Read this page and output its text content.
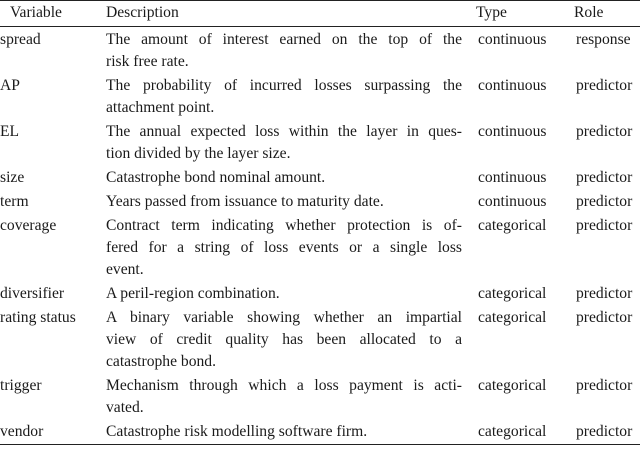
Variable	Description	Type	Role
spread	The amount of interest earned on the top of the
risk free rate.	continuous	response
AP	The probability of incurred losses surpassing the
attachment point.	continuous	predictor
EL	The annual expected loss within the layer in ques-
tion divided by the layer size.	continuous	predictor
size	Catastrophe bond nominal amount.	continuous	predictor
term	Years passed from issuance to maturity date.	continuous	predictor
coverage	Contract term indicating whether protection is of-
fered for a string of loss events or a single loss
event.	categorical	predictor
diversifier	A peril-region combination.	categorical	predictor
rating status	A binary variable showing whether an impartial
view of credit quality has been allocated to a
catastrophe bond.	categorical	predictor
trigger	Mechanism through which a loss payment is acti-
vated.	categorical	predictor
vendor	Catastrophe risk modelling software firm.	categorical	predictor
